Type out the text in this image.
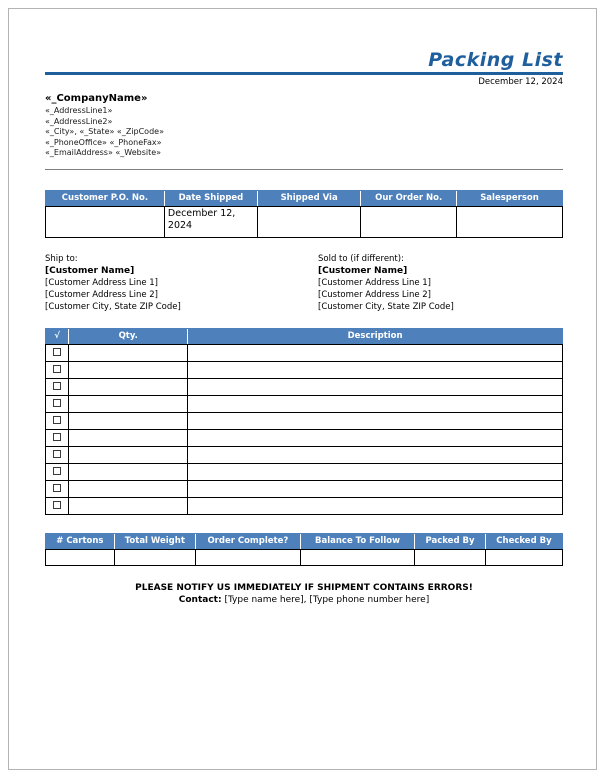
Packing List
December 12, 2024
«_CompanyName»
«_AddressLine1»
«_AddressLine2»
«_City», «_State» «_ZipCode»
«_PhoneOffice» «_PhoneFax»
«_EmailAddress» «_Website»
Customer P.O. No.	Date Shipped	Shipped Via	Our Order No.	Salesperson
	December 12, 2024			
Ship to:
[Customer Name]
[Customer Address Line 1]
[Customer Address Line 2]
[Customer City, State ZIP Code]
Sold to (if different):
[Customer Name]
[Customer Address Line 1]
[Customer Address Line 2]
[Customer City, State ZIP Code]
√	Qty.	Description

# Cartons	Total Weight	Order Complete?	Balance To Follow	Packed By	Checked By

PLEASE NOTIFY US IMMEDIATELY IF SHIPMENT CONTAINS ERRORS!
Contact: [Type name here], [Type phone number here]
